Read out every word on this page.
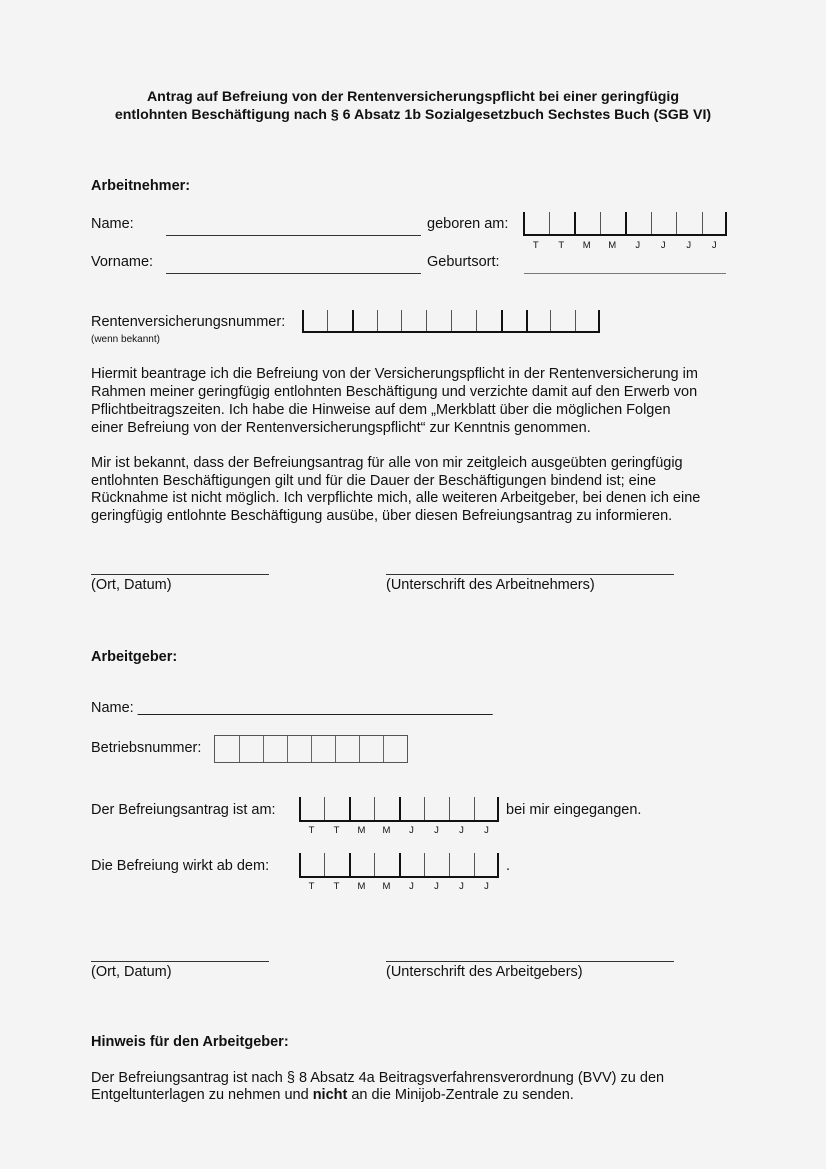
Antrag auf Befreiung von der Rentenversicherungspflicht bei einer geringfügig
entlohnten Beschäftigung nach § 6 Absatz 1b Sozialgesetzbuch Sechstes Buch (SGB VI)
Arbeitnehmer:
Name:	geboren am:
Vorname:	Geburtsort:
Rentenversicherungsnummer:
(wenn bekannt)
Hiermit beantrage ich die Befreiung von der Versicherungspflicht in der Rentenversicherung im
Rahmen meiner geringfügig entlohnten Beschäftigung und verzichte damit auf den Erwerb von
Pflichtbeitragszeiten. Ich habe die Hinweise auf dem „Merkblatt über die möglichen Folgen
einer Befreiung von der Rentenversicherungspflicht“ zur Kenntnis genommen.
Mir ist bekannt, dass der Befreiungsantrag für alle von mir zeitgleich ausgeübten geringfügig
entlohnten Beschäftigungen gilt und für die Dauer der Beschäftigungen bindend ist; eine
Rücknahme ist nicht möglich. Ich verpflichte mich, alle weiteren Arbeitgeber, bei denen ich eine
geringfügig entlohnte Beschäftigung ausübe, über diesen Befreiungsantrag zu informieren.
(Ort, Datum)	(Unterschrift des Arbeitnehmers)
Arbeitgeber:
Name: ____________________________________________
Betriebsnummer:
Der Befreiungsantrag ist am:	bei mir eingegangen.
Die Befreiung wirkt ab dem:	.
(Ort, Datum)	(Unterschrift des Arbeitgebers)
Hinweis für den Arbeitgeber:
Der Befreiungsantrag ist nach § 8 Absatz 4a Beitragsverfahrensverordnung (BVV) zu den
Entgeltunterlagen zu nehmen und nicht an die Minijob-Zentrale zu senden.

T	T	M	M	J	J	J	J
T	T	M	M	J	J	J	J
T	T	M	M	J	J	J	J
